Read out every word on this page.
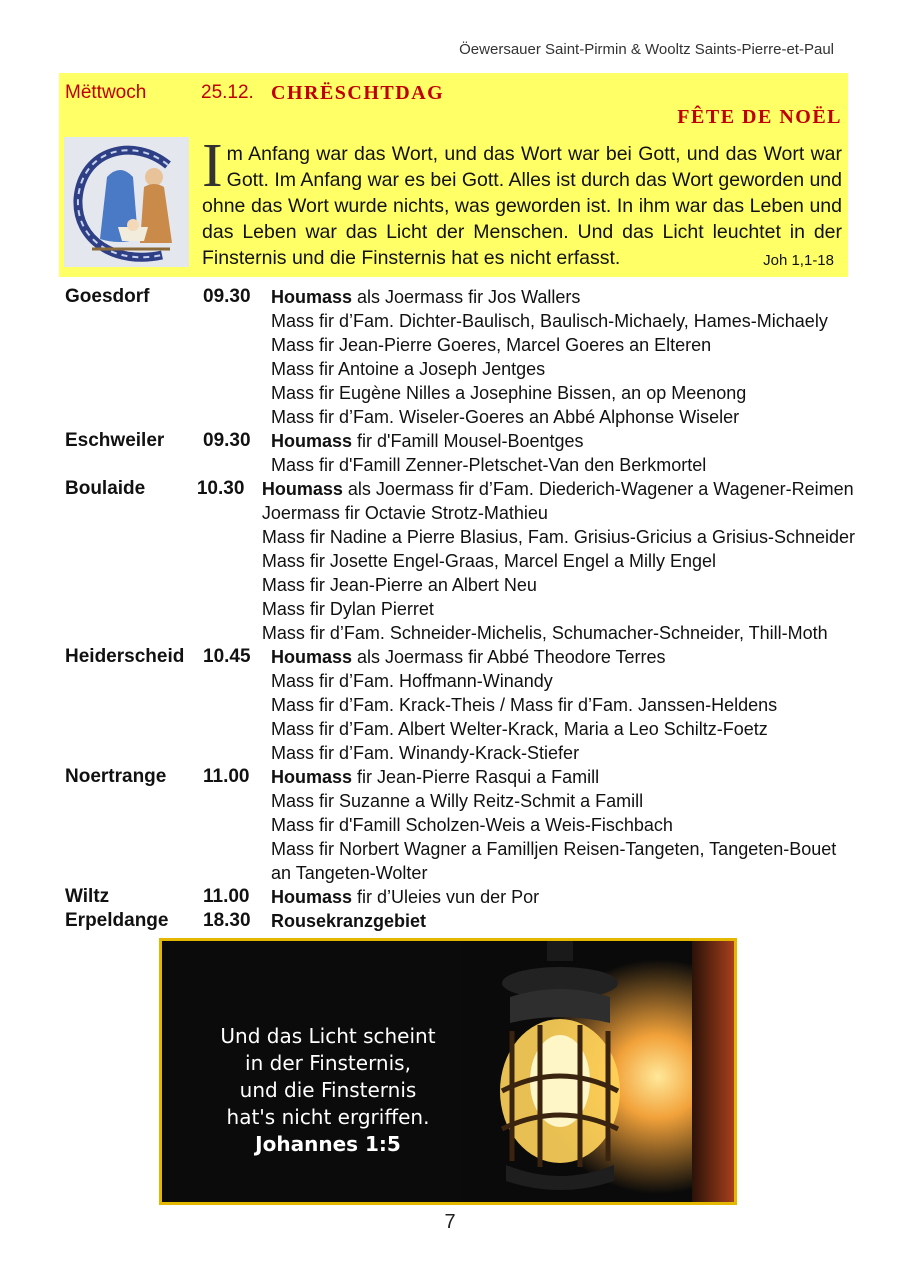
Öewersauer Saint-Pirmin & Wooltz Saints-Pierre-et-Paul
Mëttwoch	25.12. CHRËSCHTDAG
FÊTE DE NOËL
Im Anfang war das Wort, und das Wort war bei Gott, und das Wort war Gott. Im Anfang war es bei Gott. Alles ist durch das Wort geworden und ohne das Wort wurde nichts, was geworden ist. In ihm war das Leben und das Leben war das Licht der Menschen. Und das Licht leuchtet in der Finsternis und die Finsternis hat es nicht erfasst.	Joh 1,1-18
Goesdorf	09.30	Houmass als Joermass fir Jos Wallers
Mass fir d’Fam. Dichter-Baulisch, Baulisch-Michaely, Hames-Michaely
Mass fir Jean-Pierre Goeres, Marcel Goeres an Elteren
Mass fir Antoine a Joseph Jentges
Mass fir Eugène Nilles a Josephine Bissen, an op Meenong
Mass fir d’Fam. Wiseler-Goeres an Abbé Alphonse Wiseler
Eschweiler	09.30	Houmass fir d'Famill Mousel-Boentges
Mass fir d'Famill Zenner-Pletschet-Van den Berkmortel
Boulaide	10.30 Houmass als Joermass fir d’Fam. Diederich-Wagener a Wagener-Reimen
Joermass fir Octavie Strotz-Mathieu
Mass fir Nadine a Pierre Blasius, Fam. Grisius-Gricius a Grisius-Schneider
Mass fir Josette Engel-Graas, Marcel Engel a Milly Engel
Mass fir Jean-Pierre an Albert Neu
Mass fir Dylan Pierret
Mass fir d’Fam. Schneider-Michelis, Schumacher-Schneider, Thill-Moth
Heiderscheid 10.45	Houmass als Joermass fir Abbé Theodore Terres
Mass fir d’Fam. Hoffmann-Winandy
Mass fir d’Fam. Krack-Theis / Mass fir d’Fam. Janssen-Heldens
Mass fir d’Fam. Albert Welter-Krack, Maria a Leo Schiltz-Foetz
Mass fir d’Fam. Winandy-Krack-Stiefer
Noertrange	11.00	Houmass fir Jean-Pierre Rasqui a Famill
Mass fir Suzanne a Willy Reitz-Schmit a Famill
Mass fir d'Famill Scholzen-Weis a Weis-Fischbach
Mass fir Norbert Wagner a Familljen Reisen-Tangeten, Tangeten-Bouet
an Tangeten-Wolter
Wiltz	11.00	Houmass fir d’Uleies vun der Por
Erpeldange	18.30	Rousekranzgebiet
Und das Licht scheint
in der Finsternis,
und die Finsternis
hat's nicht ergriffen.
Johannes 1:5
7
